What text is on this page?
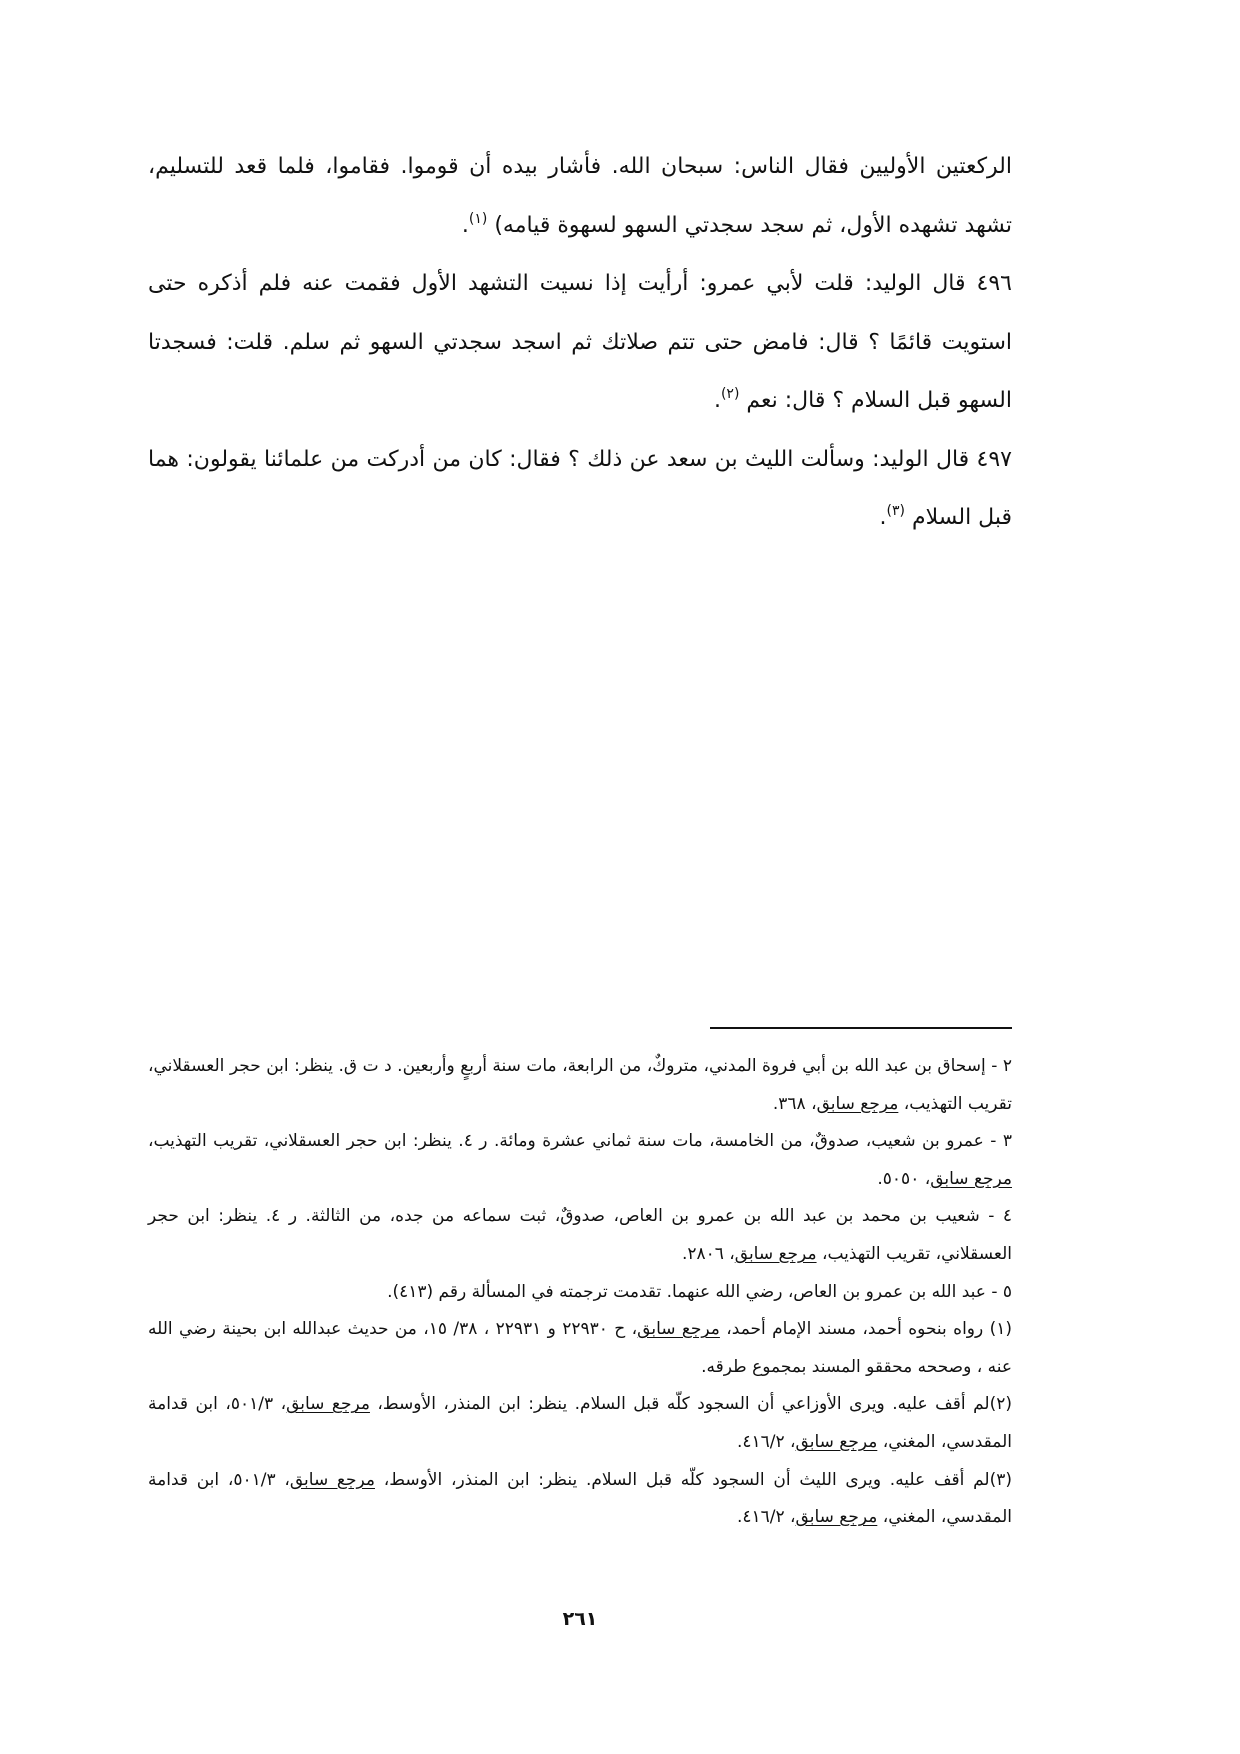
الركعتين الأوليين فقال الناس: سبحان الله. فأشار بيده أن قوموا. فقاموا، فلما قعد للتسليم، تشهد تشهده الأول، ثم سجد سجدتي السهو لسهوة قيامه) $^{(١)}$.

٤٩٦ قال الوليد: قلت لأبي عمرو: أرأيت إذا نسيت التشهد الأول فقمت عنه فلم أذكره حتى استويت قائمًا ؟ قال: فامض حتى تتم صلاتك ثم اسجد سجدتي السهو ثم سلم. قلت: فسجدتا السهو قبل السلام ؟ قال: نعم $^{(٢)}$.

٤٩٧ قال الوليد: وسألت الليث بن سعد عن ذلك ؟ فقال: كان من أدركت من علمائنا يقولون: هما قبل السلام $^{(٣)}$.

٢ - إسحاق بن عبد الله بن أبي فروة المدني، متروكٌ، من الرابعة، مات سنة أربعٍ وأربعين. د ت ق. ينظر: ابن حجر العسقلاني، تقريب التهذيب، مرجع سابق، ٣٦٨.

٣ - عمرو بن شعيب، صدوقٌ، من الخامسة، مات سنة ثماني عشرة ومائة. ر ٤. ينظر: ابن حجر العسقلاني، تقريب التهذيب، مرجع سابق، ٥٠٥٠.

٤ - شعيب بن محمد بن عبد الله بن عمرو بن العاص، صدوقٌ، ثبت سماعه من جده، من الثالثة. ر ٤. ينظر: ابن حجر العسقلاني، تقريب التهذيب، مرجع سابق، ٢٨٠٦.

٥ - عبد الله بن عمرو بن العاص، رضي الله عنهما. تقدمت ترجمته في المسألة رقم (٤١٣).

(١) رواه بنحوه أحمد، مسند الإمام أحمد، مرجع سابق، ح ٢٢٩٣٠ و ٢٢٩٣١ ، ٣٨/ ١٥، من حديث عبدالله ابن بحينة رضي الله عنه ، وصححه محققو المسند بمجموع طرقه.

(٢)لم أقف عليه. ويرى الأوزاعي أن السجود كلّه قبل السلام. ينظر: ابن المنذر، الأوسط، مرجع سابق، ٥٠١/٣، ابن قدامة المقدسي، المغني، مرجع سابق، ٤١٦/٢.

(٣)لم أقف عليه. ويرى الليث أن السجود كلّه قبل السلام. ينظر: ابن المنذر، الأوسط، مرجع سابق، ٥٠١/٣، ابن قدامة المقدسي، المغني، مرجع سابق، ٤١٦/٢.

٢٦١
